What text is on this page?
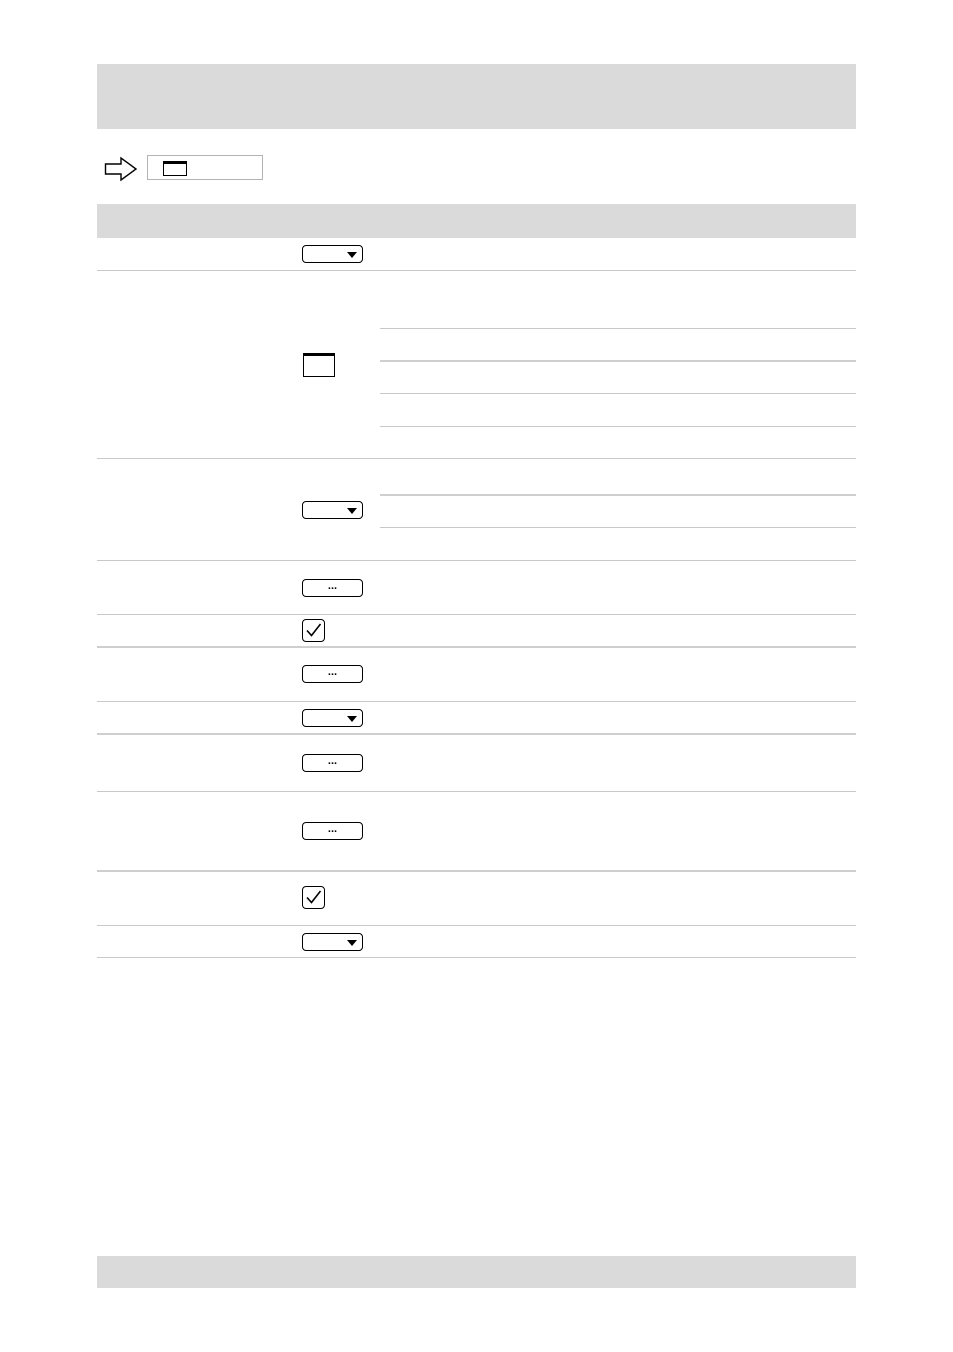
...
...
...
...
